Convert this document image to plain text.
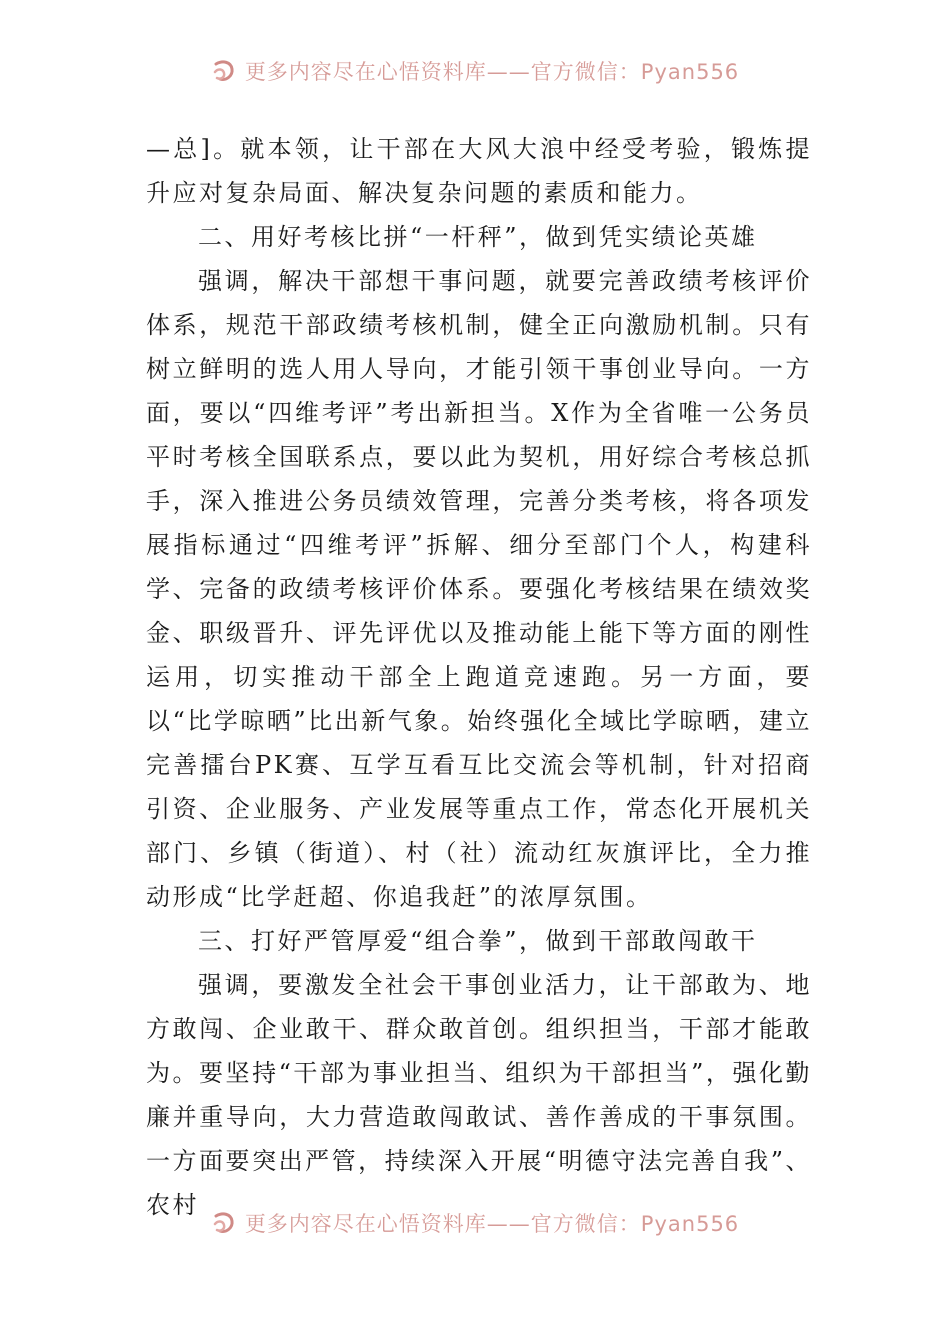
更多内容尽在心悟资料库——官方微信：Pyan556

—总]。就本领，让干部在大风大浪中经受考验，锻炼提升应对复杂局面、解决复杂问题的素质和能力。

二、用好考核比拼“一杆秤”，做到凭实绩论英雄

强调，解决干部想干事问题，就要完善政绩考核评价体系，规范干部政绩考核机制，健全正向激励机制。只有树立鲜明的选人用人导向，才能引领干事创业导向。一方面，要以“四维考评”考出新担当。X作为全省唯一公务员平时考核全国联系点，要以此为契机，用好综合考核总抓手，深入推进公务员绩效管理，完善分类考核，将各项发展指标通过“四维考评”拆解、细分至部门个人，构建科学、完备的政绩考核评价体系。要强化考核结果在绩效奖金、职级晋升、评先评优以及推动能上能下等方面的刚性运用，切实推动干部全上跑道竞速跑。另一方面，要以“比学晾晒”比出新气象。始终强化全域比学晾晒，建立完善擂台PK赛、互学互看互比交流会等机制，针对招商引资、企业服务、产业发展等重点工作，常态化开展机关部门、乡镇（街道）、村（社）流动红灰旗评比，全力推动形成“比学赶超、你追我赶”的浓厚氛围。

三、打好严管厚爱“组合拳”，做到干部敢闯敢干

强调，要激发全社会干事创业活力，让干部敢为、地方敢闯、企业敢干、群众敢首创。组织担当，干部才能敢为。要坚持“干部为事业担当、组织为干部担当”，强化勤廉并重导向，大力营造敢闯敢试、善作善成的干事氛围。一方面要突出严管，持续深入开展“明德守法完善自我”、农村

更多内容尽在心悟资料库——官方微信：Pyan556
